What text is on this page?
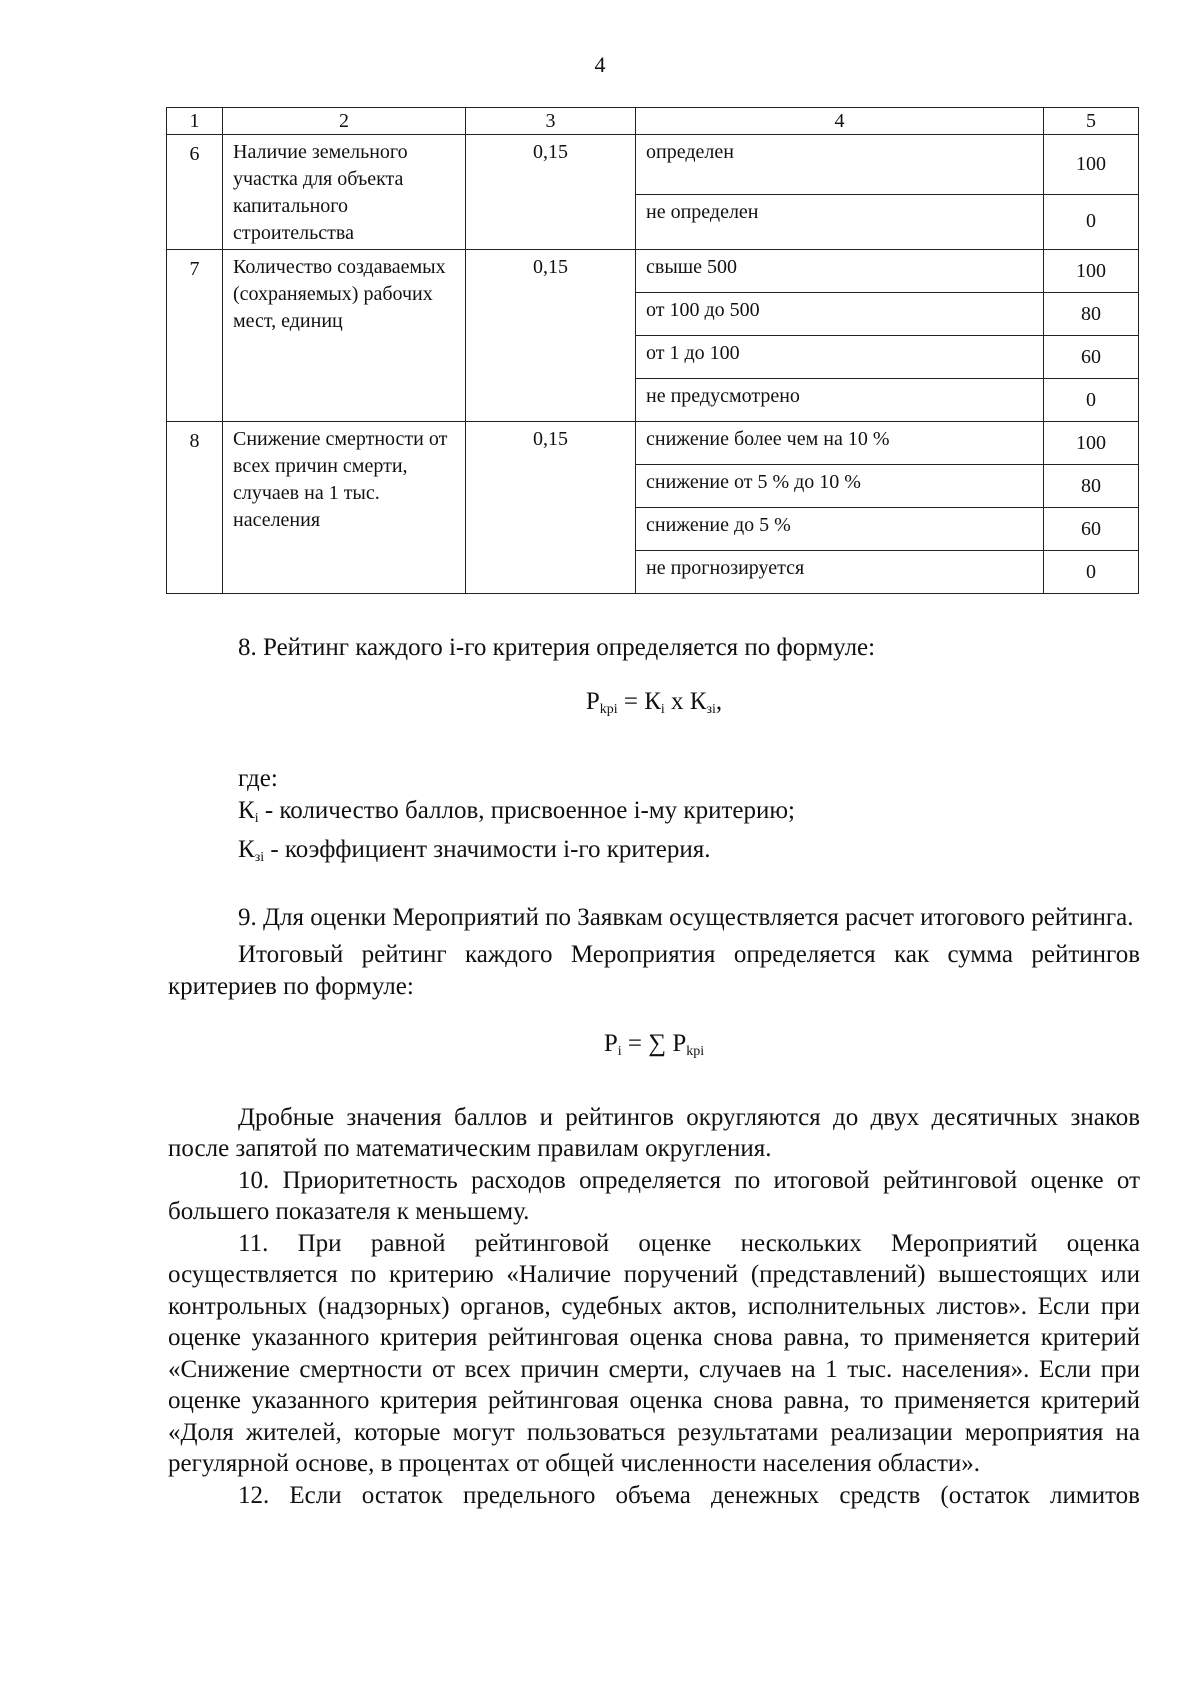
4
1	2	3	4	5
6	Наличие земельного участка для объекта капитального строительства	0,15	определен	100
			не определен	0
7	Количество создаваемых (сохраняемых) рабочих мест, единиц	0,15	свыше 500	100
			от 100 до 500	80
			от 1 до 100	60
			не предусмотрено	0
8	Снижение смертности от всех причин смерти, случаев на 1 тыс. населения	0,15	снижение более чем на 10 %	100
			снижение от 5 % до 10 %	80
			снижение до 5 %	60
			не прогнозируется	0

8. Рейтинг каждого i-го критерия определяется по формуле:

$Р_{kpi} = К_i$ x $К_{зi}$,

где:

$К_i$ - количество баллов, присвоенное i-му критерию;

$К_{зi}$ - коэффициент значимости i-го критерия.

9. Для оценки Мероприятий по Заявкам осуществляется расчет итогового рейтинга.

Итоговый рейтинг каждого Мероприятия определяется как сумма рейтингов критериев по формуле:

$Р_i$ = ∑ $Р_{kpi}$

Дробные значения баллов и рейтингов округляются до двух десятичных знаков после запятой по математическим правилам округления.

10. Приоритетность расходов определяется по итоговой рейтинговой оценке от большего показателя к меньшему.

11. При равной рейтинговой оценке нескольких Мероприятий оценка осуществляется по критерию «Наличие поручений (представлений) вышестоящих или контрольных (надзорных) органов, судебных актов, исполнительных листов». Если при оценке указанного критерия рейтинговая оценка снова равна, то применяется критерий «Снижение смертности от всех причин смерти, случаев на 1 тыс. населения». Если при оценке указанного критерия рейтинговая оценка снова равна, то применяется критерий «Доля жителей, которые могут пользоваться результатами реализации мероприятия на регулярной основе, в процентах от общей численности населения области».

12. Если остаток предельного объема денежных средств (остаток лимитов
